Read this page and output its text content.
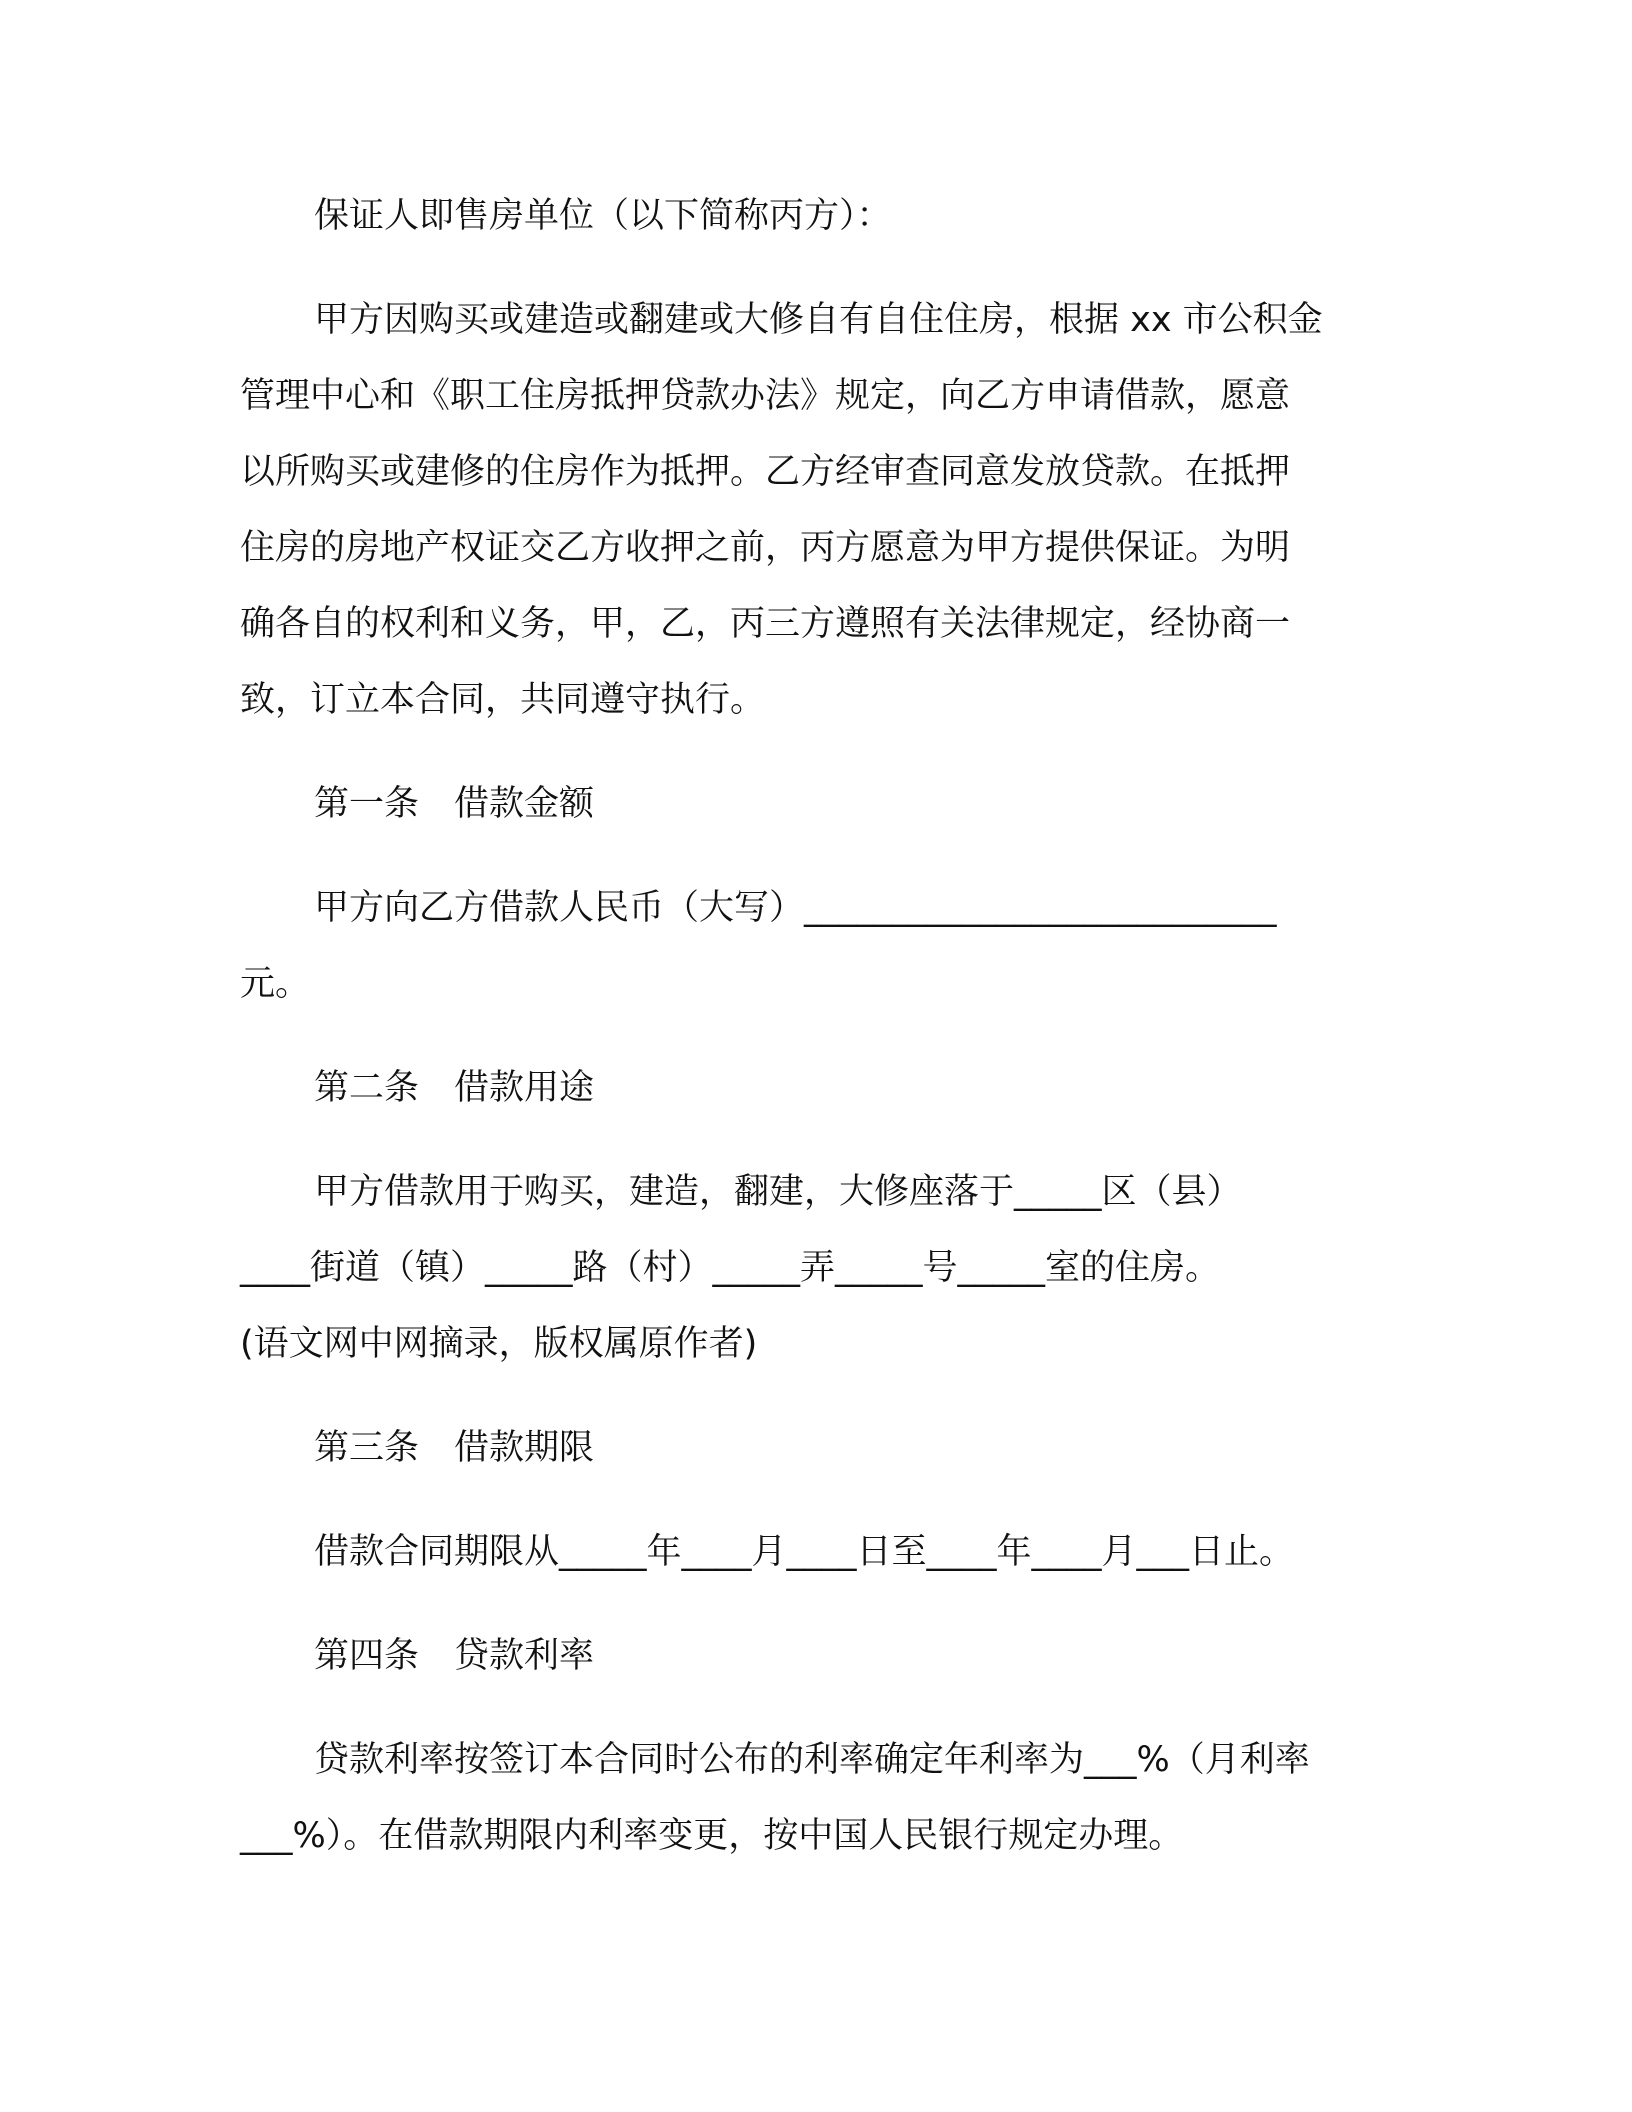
保证人即售房单位（以下简称丙方）：
甲方因购买或建造或翻建或大修自有自住住房，根据 xx 市公积金
管理中心和《职工住房抵押贷款办法》规定，向乙方申请借款，愿意
以所购买或建修的住房作为抵押。乙方经审查同意发放贷款。在抵押
住房的房地产权证交乙方收押之前，丙方愿意为甲方提供保证。为明
确各自的权利和义务，甲，乙，丙三方遵照有关法律规定，经协商一
致，订立本合同，共同遵守执行。
第一条　借款金额
甲方向乙方借款人民币（大写）___________________________
元。
第二条　借款用途
甲方借款用于购买，建造，翻建，大修座落于_____区（县）
____街道（镇）_____路（村）_____弄_____号_____室的住房。
(语文网中网摘录，版权属原作者)
第三条　借款期限
借款合同期限从_____年____月____日至____年____月___日止。
第四条　贷款利率
贷款利率按签订本合同时公布的利率确定年利率为___%（月利率
___%）。在借款期限内利率变更，按中国人民银行规定办理。
